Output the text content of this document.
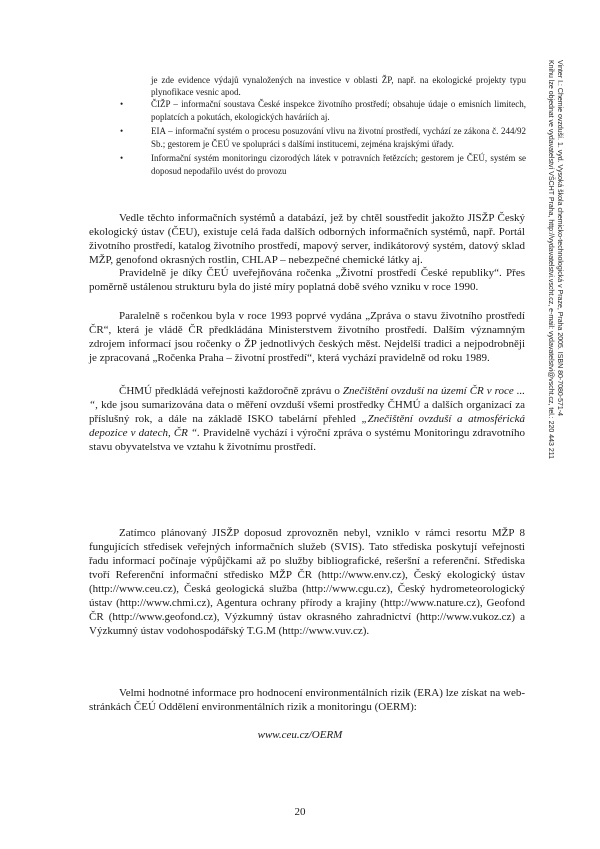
Vinter I.: Chemie ovzduší. 1. vyd. Vysoká škola chemicko-technologická v Praze, Praha 2005. ISBN 80-7080-571-4
Knihu lze objednat ve vydavatelství VŠCHT Praha, http://vydavatelstvi.vscht.cz, e-mail: vydavatelstvi@vscht.cz, tel.: 220 443 211
je zde evidence výdajů vynaložených na investice v oblasti ŽP, např. na ekologické projekty typu plynofikace vesnic apod.
• ČIŽP – informační soustava České inspekce životního prostředí; obsahuje údaje o emisních limitech, poplatcích a pokutách, ekologických haváriích aj.
• EIA – informační systém o procesu posuzování vlivu na životní prostředí, vychází ze zákona č. 244/92 Sb.; gestorem je ČEÚ ve spolupráci s dalšími institucemi, zejména krajskými úřady.
• Informační systém monitoringu cizorodých látek v potravních řetězcích; gestorem je ČEÚ, systém se doposud nepodařilo uvést do provozu
Vedle těchto informačních systémů a databází, jež by chtěl soustředit jakožto JISŽP Český ekologický ústav (ČEU), existuje celá řada dalších odborných informačních systémů, např. Portál životního prostředí, katalog životního prostředí, mapový server, indikátorový systém, datový sklad MŽP, genofond okrasných rostlin, CHLAP – nebezpečné chemické látky aj.
Pravidelně je díky ČEÚ uveřejňována ročenka „Životní prostředí České republiky“. Přes poměrně ustálenou strukturu byla do jisté míry poplatná době svého vzniku v roce 1990.
Paralelně s ročenkou byla v roce 1993 poprvé vydána „Zpráva o stavu životního prostředí ČR“, která je vládě ČR předkládána Ministerstvem životního prostředí. Dalším významným zdrojem informací jsou ročenky o ŽP jednotlivých českých měst. Nejdelší tradici a nejpodrobněji je zpracovaná „Ročenka Praha – životní prostředí“, která vychází pravidelně od roku 1989.
ČHMÚ předkládá veřejnosti každoročně zprávu o Znečištění ovzduší na území ČR v roce ... “, kde jsou sumarizována data o měření ovzduší všemi prostředky ČHMÚ a dalších organizací za příslušný rok, a dále na základě ISKO tabelární přehled „Znečištění ovzduší a atmosférická depozice v datech, ČR “. Pravidelně vychází i výroční zpráva o systému Monitoringu zdravotního stavu obyvatelstva ve vztahu k životnímu prostředí.
Zatímco plánovaný JISŽP doposud zprovozněn nebyl, vzniklo v rámci resortu MŽP 8 fungujících středisek veřejných informačních služeb (SVIS). Tato střediska poskytují veřejnosti řadu informací počínaje výpůjčkami až po služby bibliografické, rešeršní a referenční. Střediska tvoří Referenční informační středisko MŽP ČR (http://www.env.cz), Český ekologický ústav (http://www.ceu.cz), Česká geologická služba (http://www.cgu.cz), Český hydrometeorologický ústav (http://www.chmi.cz), Agentura ochrany přírody a krajiny (http://www.nature.cz), Geofond ČR (http://www.geofond.cz), Výzkumný ústav okrasného zahradnictví (http://www.vukoz.cz) a Výzkumný ústav vodohospodářský T.G.M (http://www.vuv.cz).
Velmi hodnotné informace pro hodnocení environmentálních rizik (ERA) lze získat na web-stránkách ČEÚ Oddělení environmentálních rizik a monitoringu (OERM):
www.ceu.cz/OERM
20
